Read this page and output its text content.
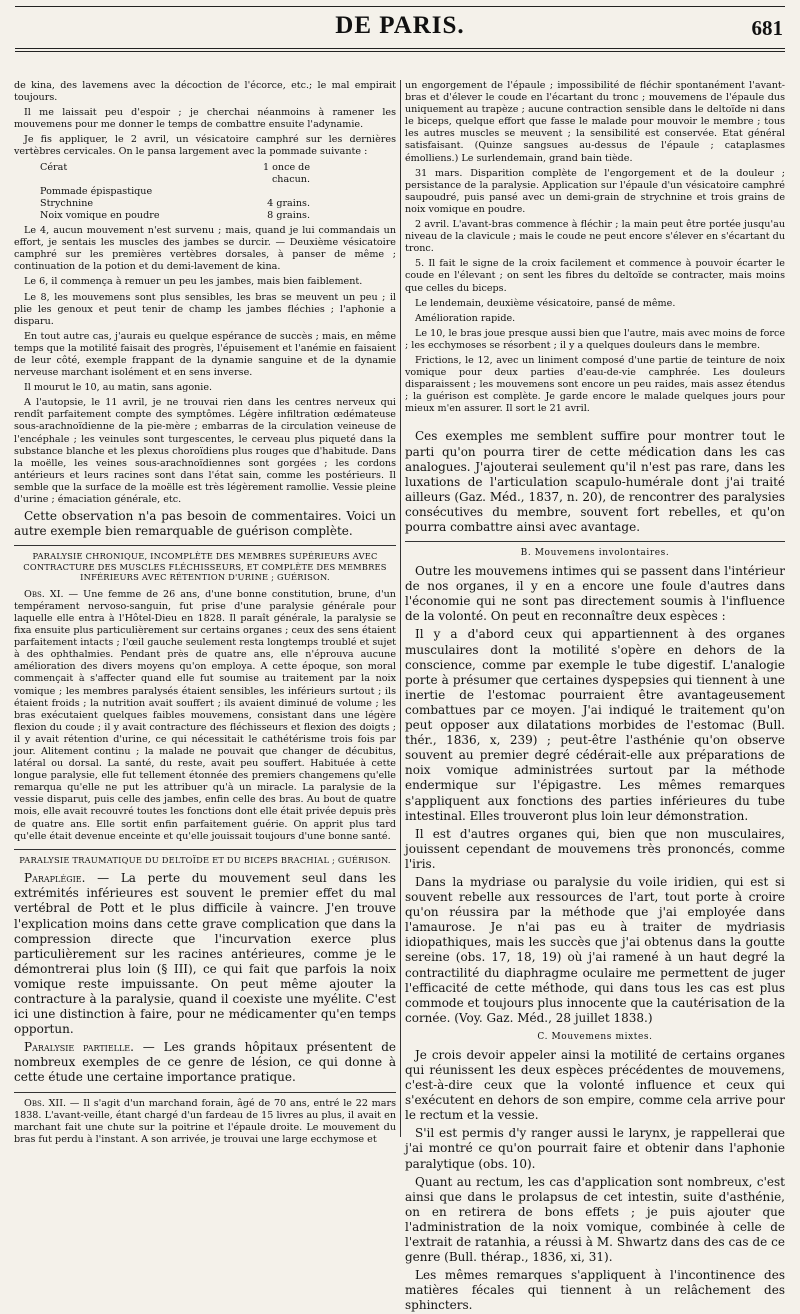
DE PARIS.	681

de kina, des lavemens avec la décoction de l'écorce, etc.; le mal empirait toujours.

Il me laissait peu d'espoir ; je cherchai néanmoins à ramener les mouvemens pour me donner le temps de combattre ensuite l'adynamie.

Je fis appliquer, le 2 avril, un vésicatoire camphré sur les dernières vertèbres cervicales. On le pansa largement avec la pommade suivante :

Cérat	1 once de chacun.
Pommade épispastique
Strychnine	4 grains.
Noix vomique en poudre	8 grains.

Le 4, aucun mouvement n'est survenu ; mais, quand je lui commandais un effort, je sentais les muscles des jambes se durcir. — Deuxième vésicatoire camphré sur les premières vertèbres dorsales, à panser de même ; continuation de la potion et du demi-lavement de kina.

Le 6, il commença à remuer un peu les jambes, mais bien faiblement.

Le 8, les mouvemens sont plus sensibles, les bras se meuvent un peu ; il plie les genoux et peut tenir de champ les jambes fléchies ; l'aphonie a disparu.

En tout autre cas, j'aurais eu quelque espérance de succès ; mais, en même temps que la motilité faisait des progrès, l'épuisement et l'anémie en faisaient de leur côté, exemple frappant de la dynamie sanguine et de la dynamie nerveuse marchant isolément et en sens inverse.

Il mourut le 10, au matin, sans agonie.

A l'autopsie, le 11 avril, je ne trouvai rien dans les centres nerveux qui rendît parfaitement compte des symptômes. Légère infiltration œdémateuse sous-arachnoïdienne de la pie-mère ; embarras de la circulation veineuse de l'encéphale ; les veinules sont turgescentes, le cerveau plus piqueté dans la substance blanche et les plexus choroïdiens plus rouges que d'habitude. Dans la moëlle, les veines sous-arachnoïdiennes sont gorgées ; les cordons antérieurs et leurs racines sont dans l'état sain, comme les postérieurs. Il semble que la surface de la moëlle est très légèrement ramollie. Vessie pleine d'urine ; émaciation générale, etc.

Cette observation n'a pas besoin de commentaires. Voici un autre exemple bien remarquable de guérison complète.

PARALYSIE CHRONIQUE, INCOMPLÈTE DES MEMBRES SUPÉRIEURS AVEC CONTRACTURE DES MUSCLES FLÉCHISSEURS, ET COMPLÈTE DES MEMBRES INFÉRIEURS AVEC RÉTENTION D'URINE ; GUÉRISON.

Obs. XI. — Une femme de 26 ans, d'une bonne constitution, brune, d'un tempérament nervoso-sanguin, fut prise d'une paralysie générale pour laquelle elle entra à l'Hôtel-Dieu en 1828. Il paraît générale, la paralysie se fixa ensuite plus particulièrement sur certains organes ; ceux des sens étaient parfaitement intacts ; l'œil gauche seulement resta longtemps troublé et sujet à des ophthalmies. Pendant près de quatre ans, elle n'éprouva aucune amélioration des divers moyens qu'on employa. A cette époque, son moral commençait à s'affecter quand elle fut soumise au traitement par la noix vomique ; les membres paralysés étaient sensibles, les inférieurs surtout ; ils étaient froids ; la nutrition avait souffert ; ils avaient diminué de volume ; les bras exécutaient quelques faibles mouvemens, consistant dans une légère flexion du coude ; il y avait contracture des fléchisseurs et flexion des doigts ; il y avait rétention d'urine, ce qui nécessitait le cathétérisme trois fois par jour. Alitement continu ; la malade ne pouvait que changer de décubitus, latéral ou dorsal. La santé, du reste, avait peu souffert. Habituée à cette longue paralysie, elle fut tellement étonnée des premiers changemens qu'elle remarqua qu'elle ne put les attribuer qu'à un miracle. La paralysie de la vessie disparut, puis celle des jambes, enfin celle des bras. Au bout de quatre mois, elle avait recouvré toutes les fonctions dont elle était privée depuis près de quatre ans. Elle sortit enfin parfaitement guérie. On apprit plus tard qu'elle était devenue enceinte et qu'elle jouissait toujours d'une bonne santé.

PARALYSIE TRAUMATIQUE DU DELTOÏDE ET DU BICEPS BRACHIAL ; GUÉRISON.

Paraplégie. — La perte du mouvement seul dans les extrémités inférieures est souvent le premier effet du mal vertébral de Pott et le plus difficile à vaincre. J'en trouve l'explication moins dans cette grave complication que dans la compression directe que l'incurvation exerce plus particulièrement sur les racines antérieures, comme je le démontrerai plus loin (§ III), ce qui fait que parfois la noix vomique reste impuissante. On peut même ajouter la contracture à la paralysie, quand il coexiste une myélite. C'est ici une distinction à faire, pour ne médicamenter qu'en temps opportun.

Paralysie partielle. — Les grands hôpitaux présentent de nombreux exemples de ce genre de lésion, ce qui donne à cette étude une certaine importance pratique.

Obs. XII. — Il s'agit d'un marchand forain, âgé de 70 ans, entré le 22 mars 1838. L'avant-veille, étant chargé d'un fardeau de 15 livres au plus, il avait en marchant fait une chute sur la poitrine et l'épaule droite. Le mouvement du bras fut perdu à l'instant. A son arrivée, je trouvai une large ecchymose et

un engorgement de l'épaule ; impossibilité de fléchir spontanément l'avant-bras et d'élever le coude en l'écartant du tronc ; mouvemens de l'épaule dus uniquement au trapèze ; aucune contraction sensible dans le deltoïde ni dans le biceps, quelque effort que fasse le malade pour mouvoir le membre ; tous les autres muscles se meuvent ; la sensibilité est conservée. Etat général satisfaisant. (Quinze sangsues au-dessus de l'épaule ; cataplasmes émolliens.) Le surlendemain, grand bain tiède.

31 mars. Disparition complète de l'engorgement et de la douleur ; persistance de la paralysie. Application sur l'épaule d'un vésicatoire camphré saupoudré, puis pansé avec un demi-grain de strychnine et trois grains de noix vomique en poudre.

2 avril. L'avant-bras commence à fléchir ; la main peut être portée jusqu'au niveau de la clavicule ; mais le coude ne peut encore s'élever en s'écartant du tronc.

5. Il fait le signe de la croix facilement et commence à pouvoir écarter le coude en l'élevant ; on sent les fibres du deltoïde se contracter, mais moins que celles du biceps.

Le lendemain, deuxième vésicatoire, pansé de même.

Amélioration rapide.

Le 10, le bras joue presque aussi bien que l'autre, mais avec moins de force ; les ecchymoses se résorbent ; il y a quelques douleurs dans le membre.

Frictions, le 12, avec un liniment composé d'une partie de teinture de noix vomique pour deux parties d'eau-de-vie camphrée. Les douleurs disparaissent ; les mouvemens sont encore un peu raides, mais assez étendus ; la guérison est complète. Je garde encore le malade quelques jours pour mieux m'en assurer. Il sort le 21 avril.

Ces exemples me semblent suffire pour montrer tout le parti qu'on pourra tirer de cette médication dans les cas analogues. J'ajouterai seulement qu'il n'est pas rare, dans les luxations de l'articulation scapulo-humérale dont j'ai traité ailleurs (Gaz. Méd., 1837, n. 20), de rencontrer des paralysies consécutives du membre, souvent fort rebelles, et qu'on pourra combattre ainsi avec avantage.

B. Mouvemens involontaires.

Outre les mouvemens intimes qui se passent dans l'intérieur de nos organes, il y en a encore une foule d'autres dans l'économie qui ne sont pas directement soumis à l'influence de la volonté. On peut en reconnaître deux espèces :

Il y a d'abord ceux qui appartiennent à des organes musculaires dont la motilité s'opère en dehors de la conscience, comme par exemple le tube digestif. L'analogie porte à présumer que certaines dyspepsies qui tiennent à une inertie de l'estomac pourraient être avantageusement combattues par ce moyen. J'ai indiqué le traitement qu'on peut opposer aux dilatations morbides de l'estomac (Bull. thér., 1836, x, 239) ; peut-être l'asthénie qu'on observe souvent au premier degré cédérait-elle aux préparations de noix vomique administrées surtout par la méthode endermique sur l'épigastre. Les mêmes remarques s'appliquent aux fonctions des parties inférieures du tube intestinal. Elles trouveront plus loin leur démonstration.

Il est d'autres organes qui, bien que non musculaires, jouissent cependant de mouvemens très prononcés, comme l'iris.

Dans la mydriase ou paralysie du voile iridien, qui est si souvent rebelle aux ressources de l'art, tout porte à croire qu'on réussira par la méthode que j'ai employée dans l'amaurose. Je n'ai pas eu à traiter de mydriasis idiopathiques, mais les succès que j'ai obtenus dans la goutte sereine (obs. 17, 18, 19) où j'ai ramené à un haut degré la contractilité du diaphragme oculaire me permettent de juger l'efficacité de cette méthode, qui dans tous les cas est plus commode et toujours plus innocente que la cautérisation de la cornée. (Voy. Gaz. Méd., 28 juillet 1838.)

C. Mouvemens mixtes.

Je crois devoir appeler ainsi la motilité de certains organes qui réunissent les deux espèces précédentes de mouvemens, c'est-à-dire ceux que la volonté influence et ceux qui s'exécutent en dehors de son empire, comme cela arrive pour le rectum et la vessie.

S'il est permis d'y ranger aussi le larynx, je rappellerai que j'ai montré ce qu'on pourrait faire et obtenir dans l'aphonie paralytique (obs. 10).

Quant au rectum, les cas d'application sont nombreux, c'est ainsi que dans le prolapsus de cet intestin, suite d'asthénie, on en retirera de bons effets ; je puis ajouter que l'administration de la noix vomique, combinée à celle de l'extrait de ratanhia, a réussi à M. Shwartz dans des cas de ce genre (Bull. thérap., 1836, xi, 31).

Les mêmes remarques s'appliquent à l'incontinence des matières fécales qui tiennent à un relâchement des sphincters.
